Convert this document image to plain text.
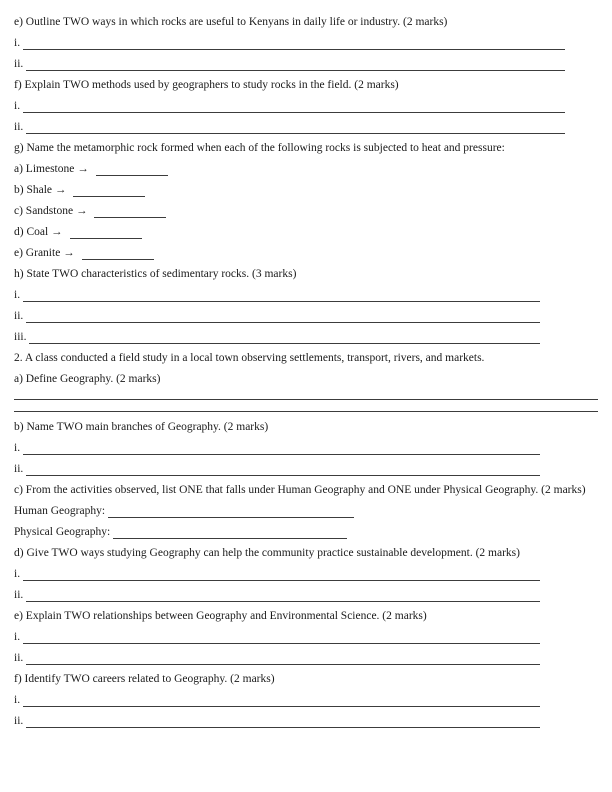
e) Outline TWO ways in which rocks are useful to Kenyans in daily life or industry. (2 marks)
i.
ii.
f) Explain TWO methods used by geographers to study rocks in the field. (2 marks)
i.
ii.
g) Name the metamorphic rock formed when each of the following rocks is subjected to heat and pressure:
a) Limestone →
b) Shale →
c) Sandstone →
d) Coal →
e) Granite →
h) State TWO characteristics of sedimentary rocks. (3 marks)
i.
ii.
iii.
2. A class conducted a field study in a local town observing settlements, transport, rivers, and markets.
a) Define Geography. (2 marks)
b) Name TWO main branches of Geography. (2 marks)
i.
ii.
c) From the activities observed, list ONE that falls under Human Geography and ONE under Physical Geography. (2 marks)
Human Geography:
Physical Geography:
d) Give TWO ways studying Geography can help the community practice sustainable development. (2 marks)
i.
ii.
e) Explain TWO relationships between Geography and Environmental Science. (2 marks)
i.
ii.
f) Identify TWO careers related to Geography. (2 marks)
i.
ii.
